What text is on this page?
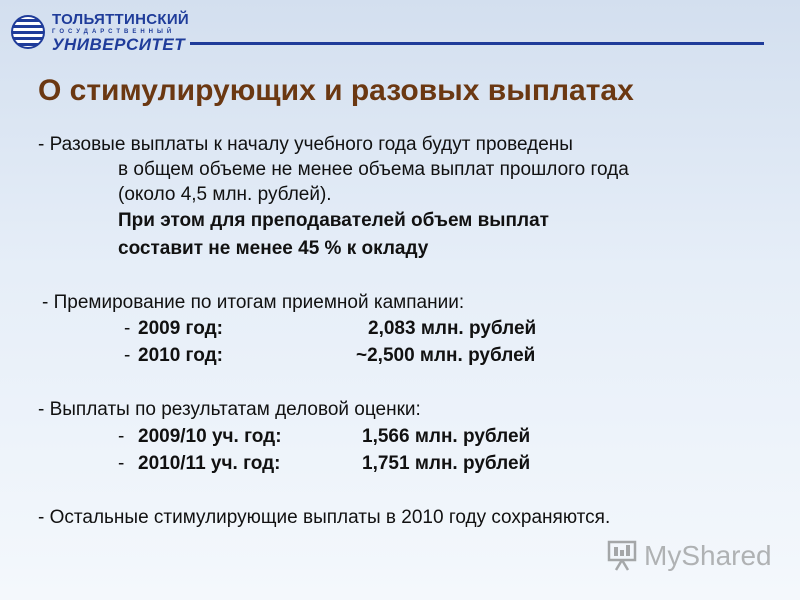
ТОЛЬЯТТИНСКИЙ
ГОСУДАРСТВЕННЫЙ
УНИВЕРСИТЕТ
О стимулирующих и разовых выплатах
- Разовые выплаты к началу учебного года будут проведены
в общем объеме не менее объема выплат прошлого года
(около 4,5 млн. рублей).
При этом для преподавателей объем выплат
составит не менее 45 % к окладу
- Премирование по итогам приемной кампании:
- 2009 год:	2,083 млн. рублей
- 2010 год:	~2,500 млн. рублей
- Выплаты по результатам деловой оценки:
- 2009/10 уч. год:	1,566 млн. рублей
- 2010/11 уч. год:	1,751 млн. рублей
- Остальные стимулирующие выплаты в 2010 году сохраняются.
MyShared
